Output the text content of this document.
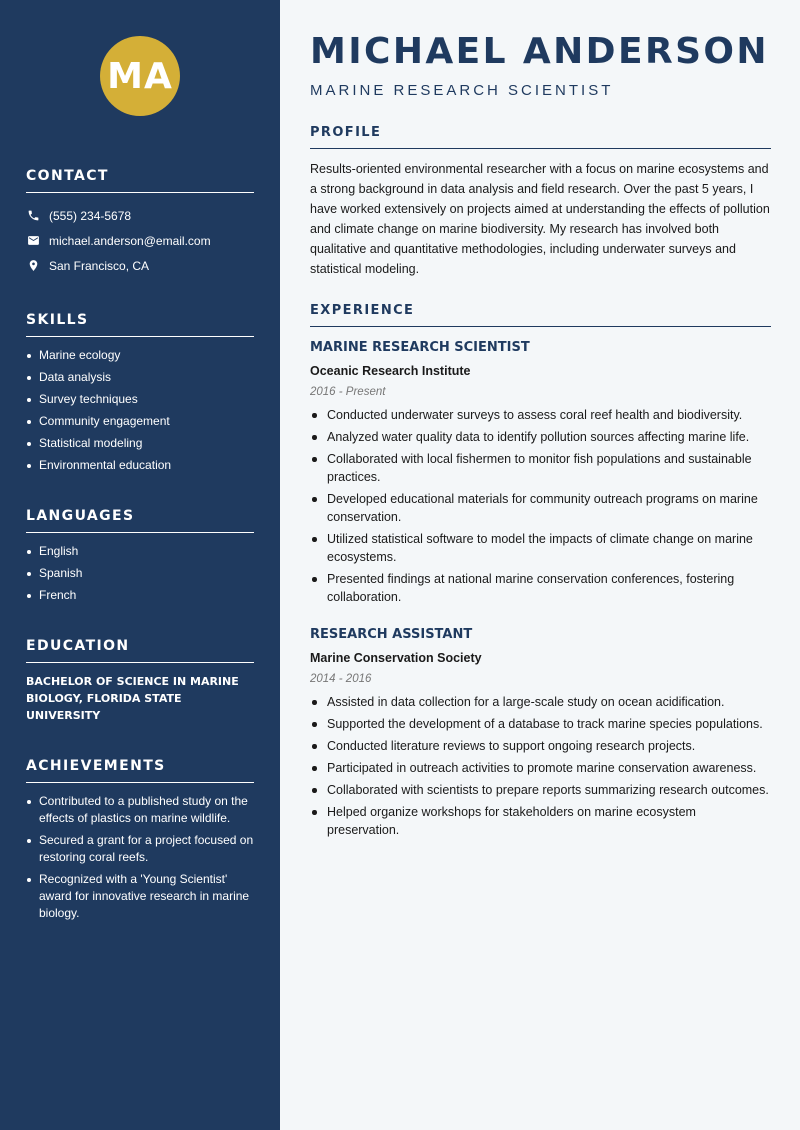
MA
CONTACT
(555) 234-5678
michael.anderson@email.com
San Francisco, CA
SKILLS
Marine ecology
Data analysis
Survey techniques
Community engagement
Statistical modeling
Environmental education
LANGUAGES
English
Spanish
French
EDUCATION
BACHELOR OF SCIENCE IN MARINE BIOLOGY, FLORIDA STATE UNIVERSITY
ACHIEVEMENTS
Contributed to a published study on the effects of plastics on marine wildlife.
Secured a grant for a project focused on restoring coral reefs.
Recognized with a 'Young Scientist' award for innovative research in marine biology.
MICHAEL ANDERSON
MARINE RESEARCH SCIENTIST
PROFILE

Results-oriented environmental researcher with a focus on marine ecosystems and a strong background in data analysis and field research. Over the past 5 years, I have worked extensively on projects aimed at understanding the effects of pollution and climate change on marine biodiversity. My research has involved both qualitative and quantitative methodologies, including underwater surveys and statistical modeling.

EXPERIENCE
MARINE RESEARCH SCIENTIST
Oceanic Research Institute
2016 - Present
Conducted underwater surveys to assess coral reef health and biodiversity.
Analyzed water quality data to identify pollution sources affecting marine life.
Collaborated with local fishermen to monitor fish populations and sustainable practices.
Developed educational materials for community outreach programs on marine conservation.
Utilized statistical software to model the impacts of climate change on marine ecosystems.
Presented findings at national marine conservation conferences, fostering collaboration.
RESEARCH ASSISTANT
Marine Conservation Society
2014 - 2016
Assisted in data collection for a large-scale study on ocean acidification.
Supported the development of a database to track marine species populations.
Conducted literature reviews to support ongoing research projects.
Participated in outreach activities to promote marine conservation awareness.
Collaborated with scientists to prepare reports summarizing research outcomes.
Helped organize workshops for stakeholders on marine ecosystem preservation.
